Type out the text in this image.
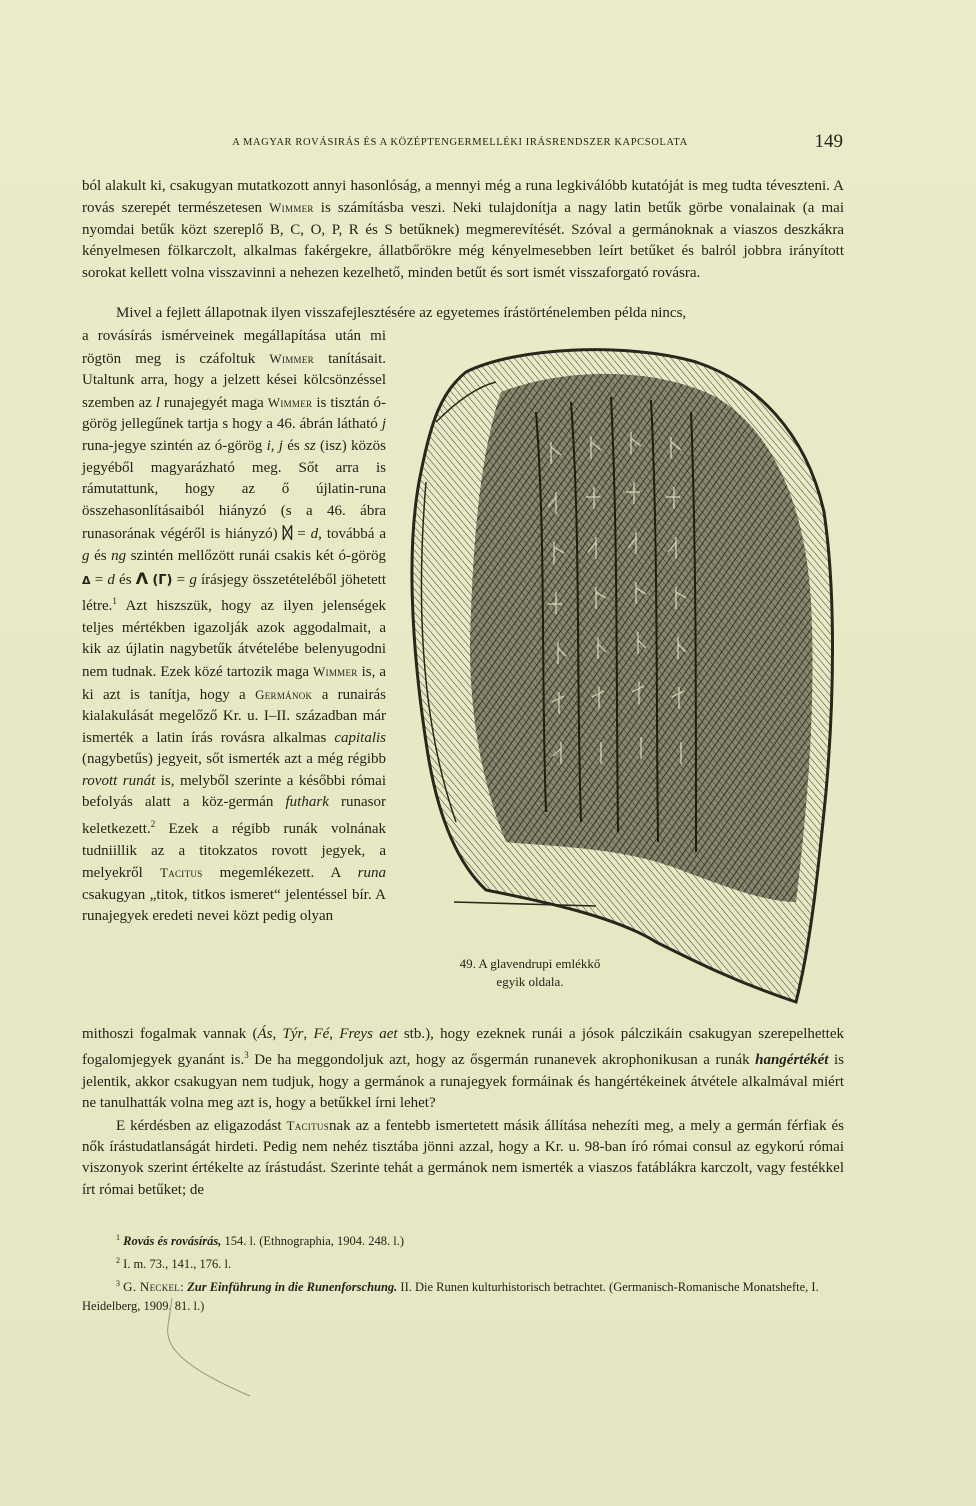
A MAGYAR ROVÁSIRÁS ÉS A KÖZÉPTENGERMELLÉKI IRÁSRENDSZER KAPCSOLATA	149

ból alakult ki, csakugyan mutatkozott annyi hasonlóság, a mennyi még a runa legkiválóbb kutatóját is meg tudta téveszteni. A rovás szerepét természetesen Wimmer is számításba veszi. Neki tulajdonítja a nagy latin betűk görbe vonalainak (a mai nyomdai betűk közt szereplő B, C, O, P, R és S betűknek) megmerevítését. Szóval a germánoknak a viaszos deszkákra kényelmesen fölkarczolt, alkalmas fakérgekre, állatbőrökre még kényelmesebben leírt betűket és balról jobbra irányított sorokat kellett volna visszavinni a nehezen kezelhető, minden betűt és sort ismét visszaforgató rovásra.

Mivel a fejlett állapotnak ilyen visszafejlesztésére az egyetemes írástörténelemben példa nincs,

a rovásírás ismérveinek megállapítása után mi rögtön meg is czáfoltuk Wimmer tanításait. Utaltunk arra, hogy a jelzett kései kölcsönzéssel szemben az l runajegyét maga Wimmer is tisztán ó-görög jellegűnek tartja s hogy a 46. ábrán látható j runa-jegye szintén az ó-görög i, j és sz (isz) közös jegyéből magyarázható meg. Sőt arra is rámutattunk, hogy az ő újlatin-runa összehasonlításaiból hiányzó (s a 46. ábra runasorának végéről is hiányzó) ᛞ = d, továbbá a g és ng szintén mellőzött runái csakis két ó-görög Δ = d és Λ (Γ) = g írásjegy összetételéből jöhetett létre.$^1$ Azt hiszszük, hogy az ilyen jelenségek teljes mértékben igazolják azok aggodalmait, a kik az újlatin nagybetűk átvételébe belenyugodni nem tudnak. Ezek közé tartozik maga Wimmer is, a ki azt is tanítja, hogy a Germánok a runairás kialakulását megelőző Kr. u. I–II. században már ismerték a latin írás rovásra alkalmas capitalis (nagybetűs) jegyeit, sőt ismerték azt a még régibb rovott runát is, melyből szerinte a későbbi római befolyás alatt a köz-germán futhark runasor keletkezett.$^2$ Ezek a régibb runák volnának tudniillik az a titokzatos rovott jegyek, a melyekről Tacitus megemlékezett. A runa csakugyan „titok, titkos ismeret“ jelentéssel bír. A runajegyek eredeti nevei közt pedig olyan

49. A glavendrupi emlékkő
egyik oldala.

mithoszi fogalmak vannak (Ás, Týr, Fé, Freys aet stb.), hogy ezeknek runái a jósok pálczikáin csakugyan szerepelhettek fogalomjegyek gyanánt is.$^3$ De ha meggondoljuk azt, hogy az ősgermán runanevek akrophonikusan a runák hangértékét is jelentik, akkor csakugyan nem tudjuk, hogy a germánok a runajegyek formáinak és hangértékeinek átvétele alkalmával miért ne tanulhatták volna meg azt is, hogy a betűkkel írni lehet?

E kérdésben az eligazodást Tacitusnak az a fentebb ismertetett másik állítása nehezíti meg, a mely a germán férfiak és nők írástudatlanságát hirdeti. Pedig nem nehéz tisztába jönni azzal, hogy a Kr. u. 98-ban író római consul az egykorú római viszonyok szerint értékelte az írástudást. Szerinte tehát a germánok nem ismerték a viaszos fatáblákra karczolt, vagy festékkel írt római betűket; de

$^1$ Rovás és rovásírás, 154. l. (Ethnographia, 1904. 248. l.)

$^2$ I. m. 73., 141., 176. l.

$^3$ G. Neckel: Zur Einführung in die Runenforschung. II. Die Runen kulturhistorisch betrachtet. (Germanisch-Romanische Monatshefte, I. Heidelberg, 1909. 81. l.)
